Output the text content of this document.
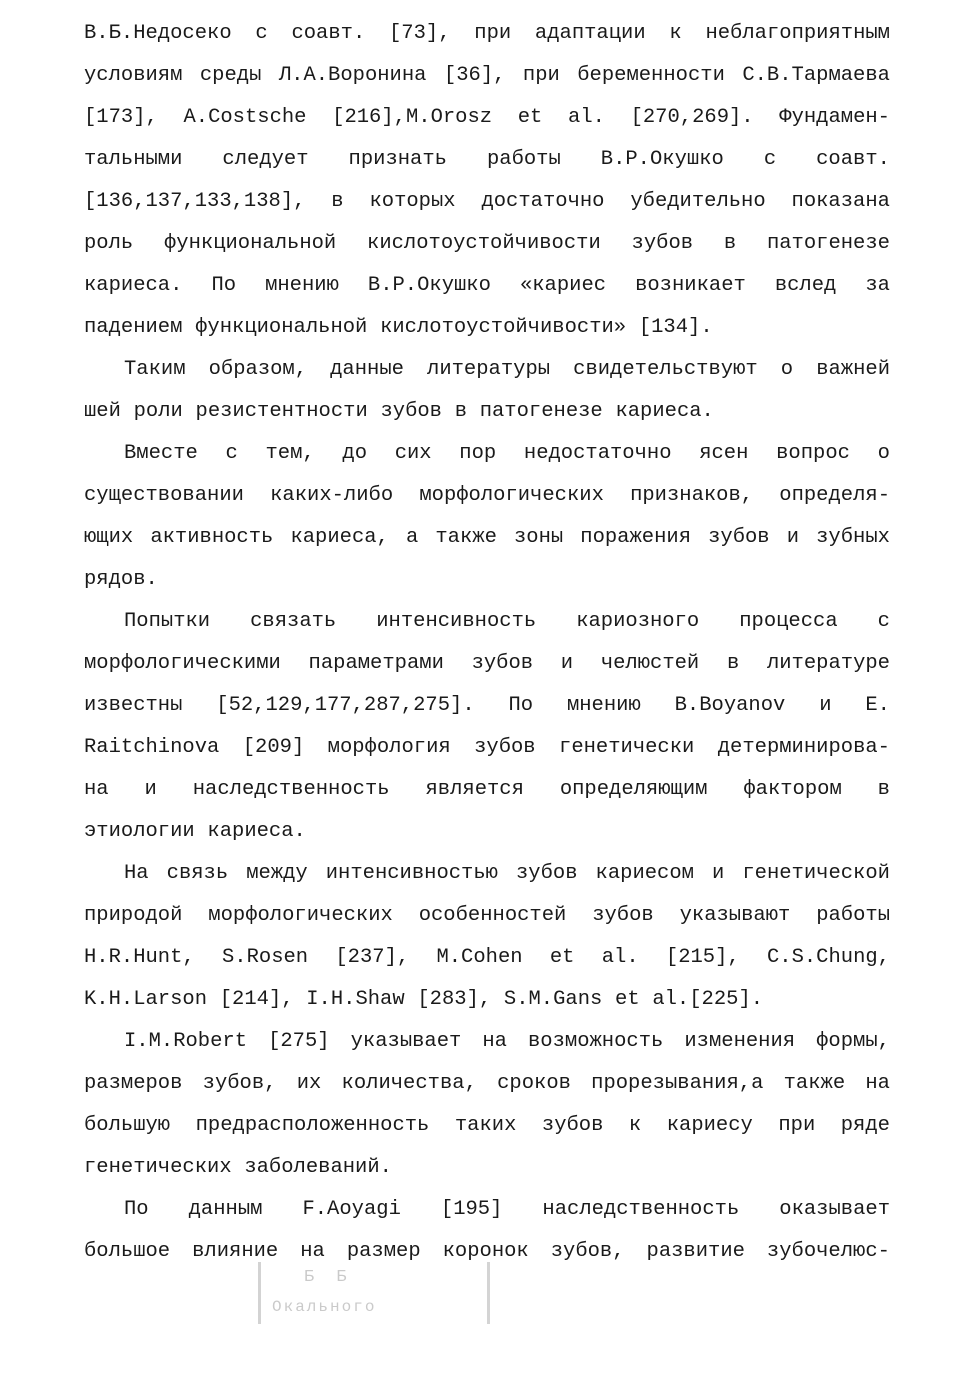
В.Б.Недосеко с соавт. [73], при адаптации к неблагоприятным
условиям среды Л.А.Воронина [36], при беременности С.В.Тармаева
[173], A.Costsche [216],M.Orosz et al. [270,269]. Фундамен-
тальными следует признать работы В.Р.Окушко с соавт.
[136,137,133,138], в которых достаточно убедительно показана
роль функциональной кислотоустойчивости зубов в патогенезе
кариеса. По мнению В.Р.Окушко «кариес возникает вслед за
падением функциональной кислотоустойчивости» [134].
Таким образом, данные литературы свидетельствуют о важней
шей роли резистентности зубов в патогенезе кариеса.
Вместе с тем, до сих пор недостаточно ясен вопрос о
существовании каких-либо морфологических признаков, определя-
ющих активность кариеса, а также зоны поражения зубов и зубных
рядов.
Попытки связать интенсивность кариозного процесса с
морфологическими параметрами зубов и челюстей в литературе
известны [52,129,177,287,275]. По мнению B.Boyanov и E.
Raitchinova [209] морфология зубов генетически детерминирова-
на и наследственность является определяющим фактором в
этиологии кариеса.
На связь между интенсивностью зубов кариесом и генетической
природой морфологических особенностей зубов указывают работы
H.R.Hunt, S.Rosen [237], M.Cohen et al. [215], C.S.Chung,
K.H.Larson [214], I.H.Shaw [283], S.M.Gans et al.[225].
I.M.Robert [275] указывает на возможность изменения формы,
размеров зубов, их количества, сроков прорезывания,а также на
большую предрасположенность таких зубов к кариесу при ряде
генетических заболеваний.
По данным F.Aoyagi [195] наследственность оказывает
большое влияние на размер коронок зубов, развитие зубочелюс-
Б Б
Окального
